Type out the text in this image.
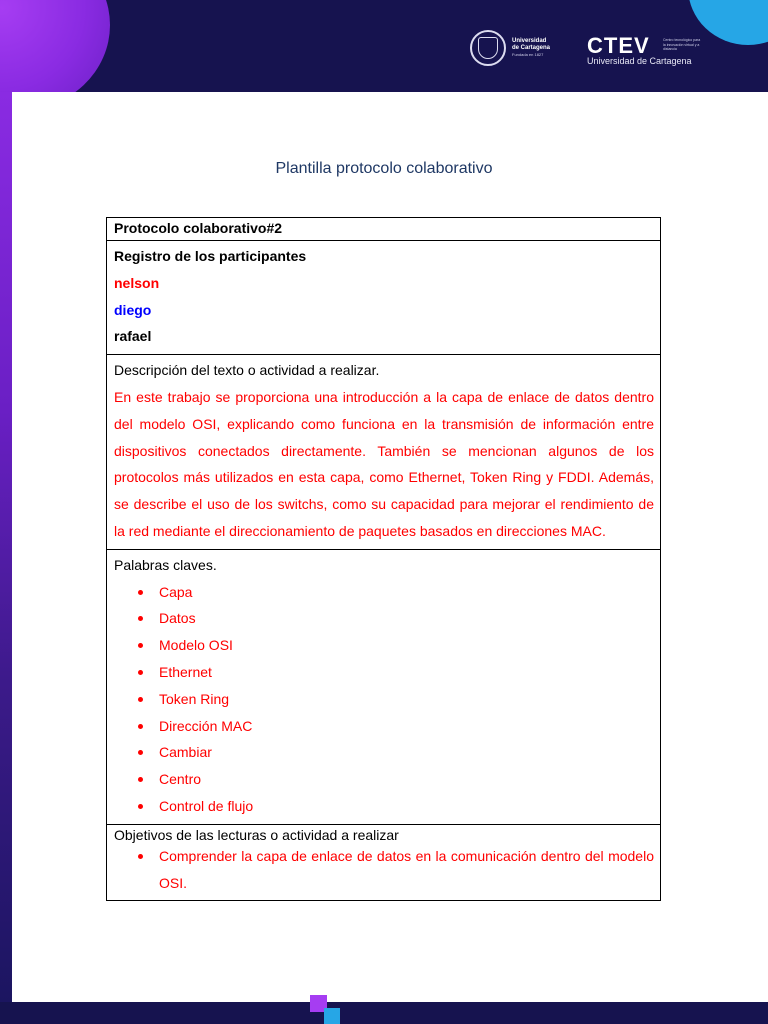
Universidad
de Cartagena
Fundada en 1827	CTEV
Universidad de Cartagena
Centro tecnológico para la innovación virtual y a distancia
Plantilla protocolo colaborativo
Protocolo colaborativo#2

Registro de los participantes
nelson
diego
rafael

Descripción del texto o actividad a realizar.
En este trabajo se proporciona una introducción a la capa de enlace de datos dentro del modelo OSI, explicando como funciona en la transmisión de información entre dispositivos conectados directamente. También se mencionan algunos de los protocolos más utilizados en esta capa, como Ethernet, Token Ring y FDDI. Además, se describe el uso de los switchs, como su capacidad para mejorar el rendimiento de la red mediante el direccionamiento de paquetes basados en direcciones MAC.

Palabras claves.
Capa
Datos
Modelo OSI
Ethernet
Token Ring
Dirección MAC
Cambiar
Centro
Control de flujo

Objetivos de las lecturas o actividad a realizar
Comprender la capa de enlace de datos en la comunicación dentro del modelo OSI.
